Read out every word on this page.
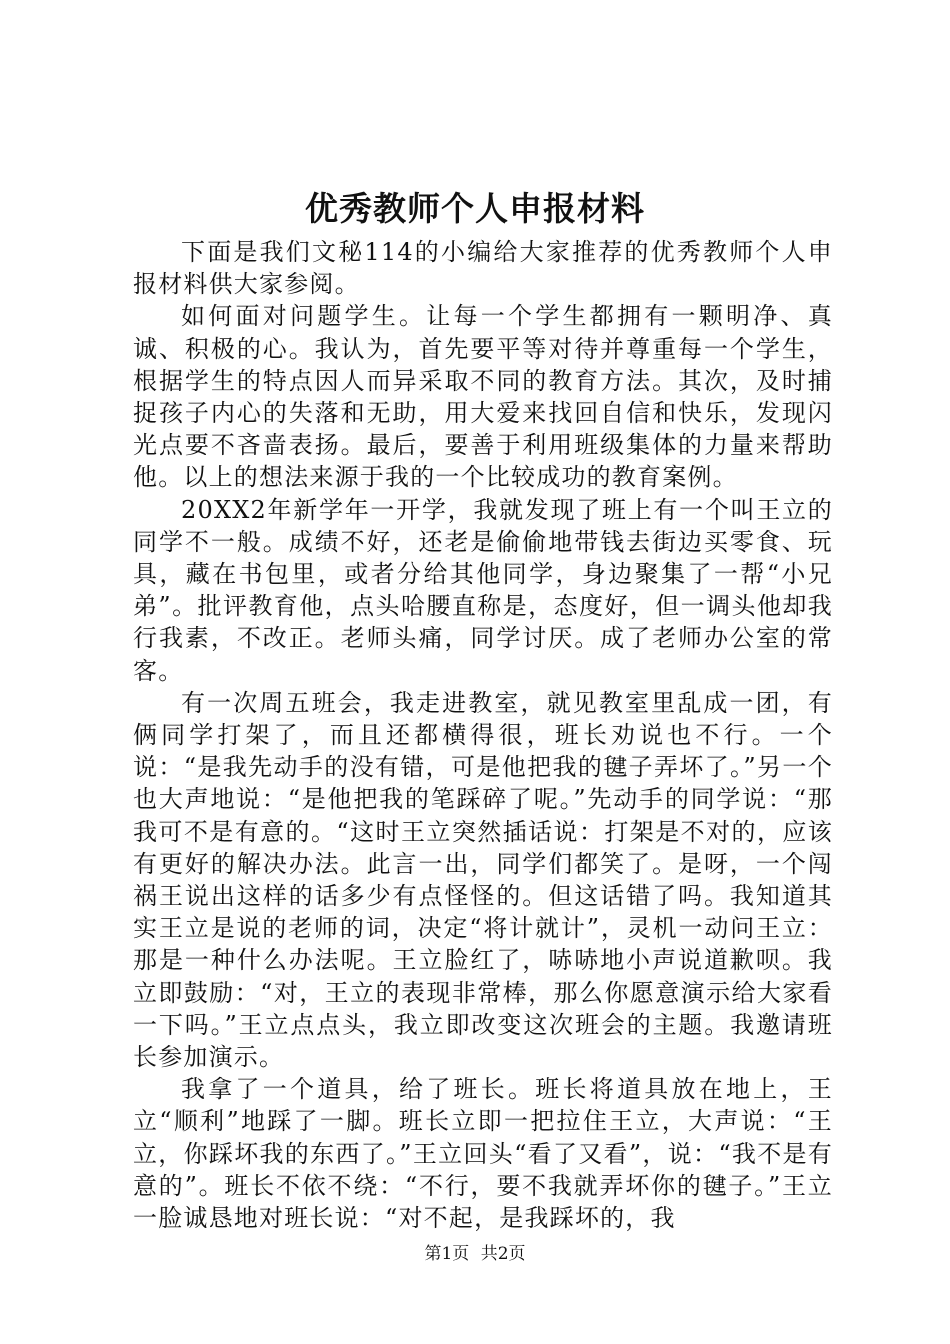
优秀教师个人申报材料

下面是我们文秘114的小编给大家推荐的优秀教师个人申报材料供大家参阅。

如何面对问题学生。让每一个学生都拥有一颗明净、真诚、积极的心。我认为，首先要平等对待并尊重每一个学生，根据学生的特点因人而异采取不同的教育方法。其次，及时捕捉孩子内心的失落和无助，用大爱来找回自信和快乐，发现闪光点要不吝啬表扬。最后，要善于利用班级集体的力量来帮助他。以上的想法来源于我的一个比较成功的教育案例。

20XX2年新学年一开学，我就发现了班上有一个叫王立的同学不一般。成绩不好，还老是偷偷地带钱去街边买零食、玩具，藏在书包里，或者分给其他同学，身边聚集了一帮“小兄弟”。批评教育他，点头哈腰直称是，态度好，但一调头他却我行我素，不改正。老师头痛，同学讨厌。成了老师办公室的常客。

有一次周五班会，我走进教室，就见教室里乱成一团，有俩同学打架了，而且还都横得很，班长劝说也不行。一个说：“是我先动手的没有错，可是他把我的毽子弄坏了。”另一个也大声地说：“是他把我的笔踩碎了呢。”先动手的同学说：“那我可不是有意的。“这时王立突然插话说：打架是不对的，应该有更好的解决办法。此言一出，同学们都笑了。是呀，一个闯祸王说出这样的话多少有点怪怪的。但这话错了吗。我知道其实王立是说的老师的词，决定“将计就计”，灵机一动问王立：那是一种什么办法呢。王立脸红了，哧哧地小声说道歉呗。我立即鼓励：“对，王立的表现非常棒，那么你愿意演示给大家看一下吗。”王立点点头，我立即改变这次班会的主题。我邀请班长参加演示。

我拿了一个道具，给了班长。班长将道具放在地上，王立“顺利”地踩了一脚。班长立即一把拉住王立，大声说：“王立，你踩坏我的东西了。”王立回头“看了又看”，说：“我不是有意的”。班长不依不绕：“不行，要不我就弄坏你的毽子。”王立一脸诚恳地对班长说：“对不起，是我踩坏的，我

第1页 共2页
